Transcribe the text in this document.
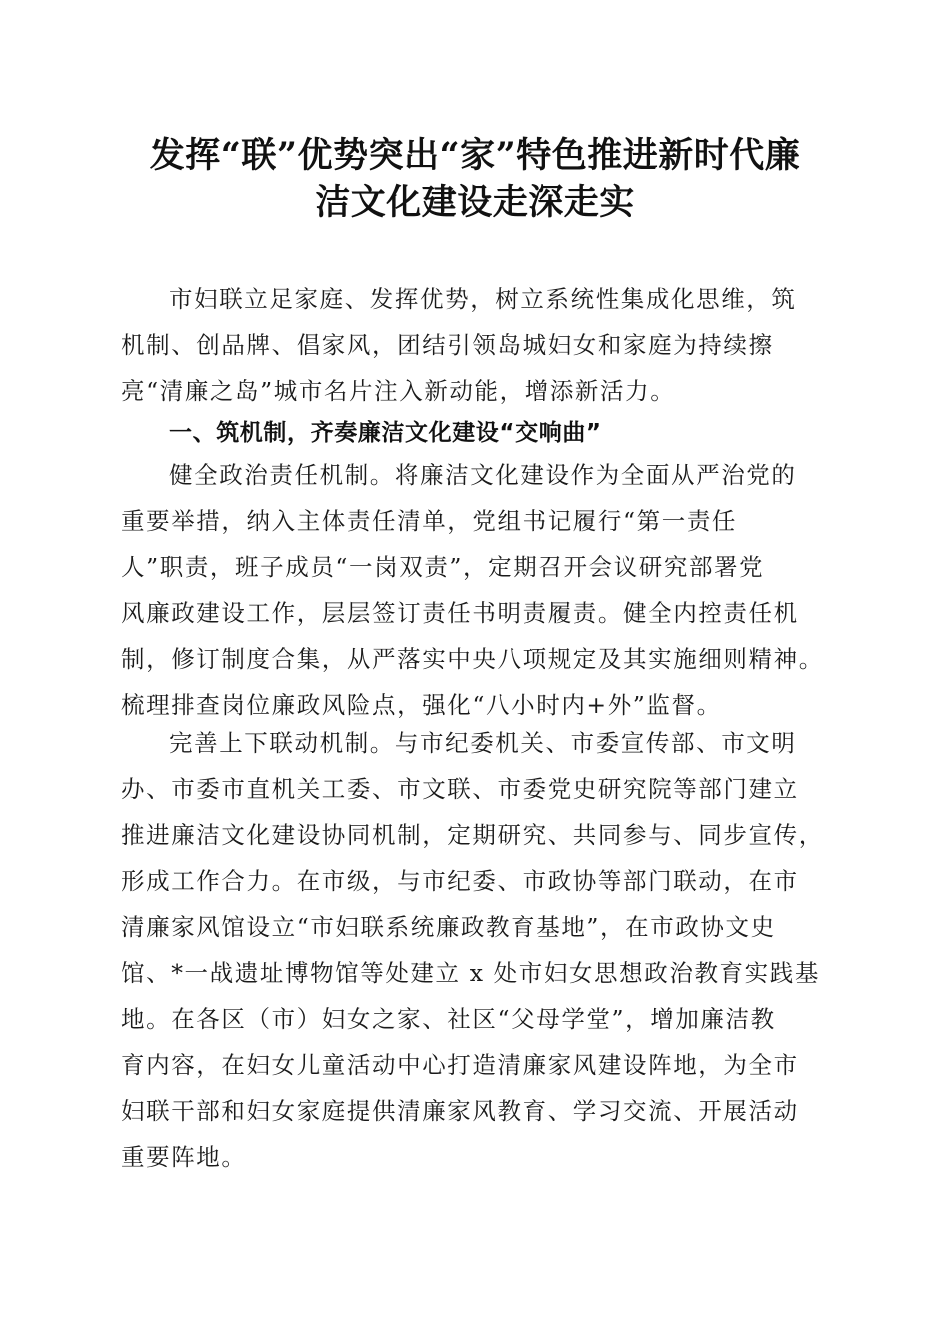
发挥“联”优势突出“家”特色推进新时代廉
洁文化建设走深走实
市妇联立足家庭、发挥优势，树立系统性集成化思维，筑
机制、创品牌、倡家风，团结引领岛城妇女和家庭为持续擦
亮“清廉之岛”城市名片注入新动能，增添新活力。
一、筑机制，齐奏廉洁文化建设“交响曲”
健全政治责任机制。将廉洁文化建设作为全面从严治党的
重要举措，纳入主体责任清单，党组书记履行“第一责任
人”职责，班子成员“一岗双责”，定期召开会议研究部署党
风廉政建设工作，层层签订责任书明责履责。健全内控责任机
制，修订制度合集，从严落实中央八项规定及其实施细则精神。
梳理排查岗位廉政风险点，强化“八小时内+外”监督。
完善上下联动机制。与市纪委机关、市委宣传部、市文明
办、市委市直机关工委、市文联、市委党史研究院等部门建立
推进廉洁文化建设协同机制，定期研究、共同参与、同步宣传，
形成工作合力。在市级，与市纪委、市政协等部门联动，在市
清廉家风馆设立“市妇联系统廉政教育基地”，在市政协文史
馆、*一战遗址博物馆等处建立 x 处市妇女思想政治教育实践基
地。在各区（市）妇女之家、社区“父母学堂”，增加廉洁教
育内容，在妇女儿童活动中心打造清廉家风建设阵地，为全市
妇联干部和妇女家庭提供清廉家风教育、学习交流、开展活动
重要阵地。
